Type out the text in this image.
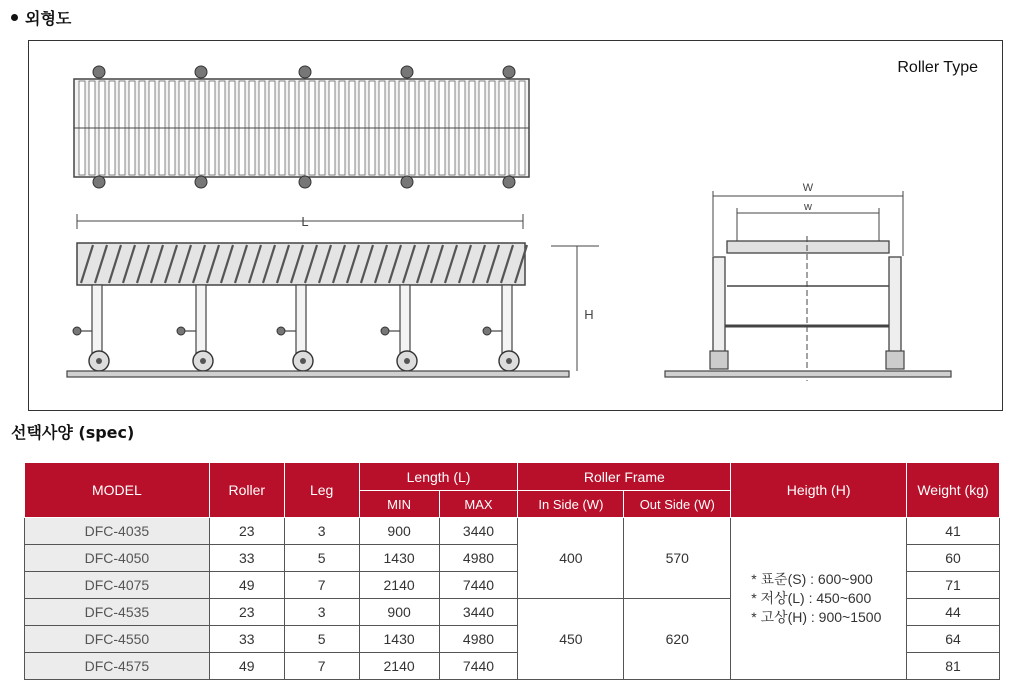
외형도
L
H
W
w
Roller Type
선택사양 (spec)
MODEL	Roller	Leg	Length (L)		Roller Frame		Heigth (H)	Weight (kg)
			MIN	MAX	In Side (W)	Out Side (W)		
DFC-4035	23	3	900	3440	400	570	* 표준(S) : 600~900
* 저상(L) : 450~600
* 고상(H) : 900~1500	41
DFC-4050	33	5	1430	4980				60
DFC-4075	49	7	2140	7440				71
DFC-4535	23	3	900	3440	450	620		44
DFC-4550	33	5	1430	4980				64
DFC-4575	49	7	2140	7440				81
